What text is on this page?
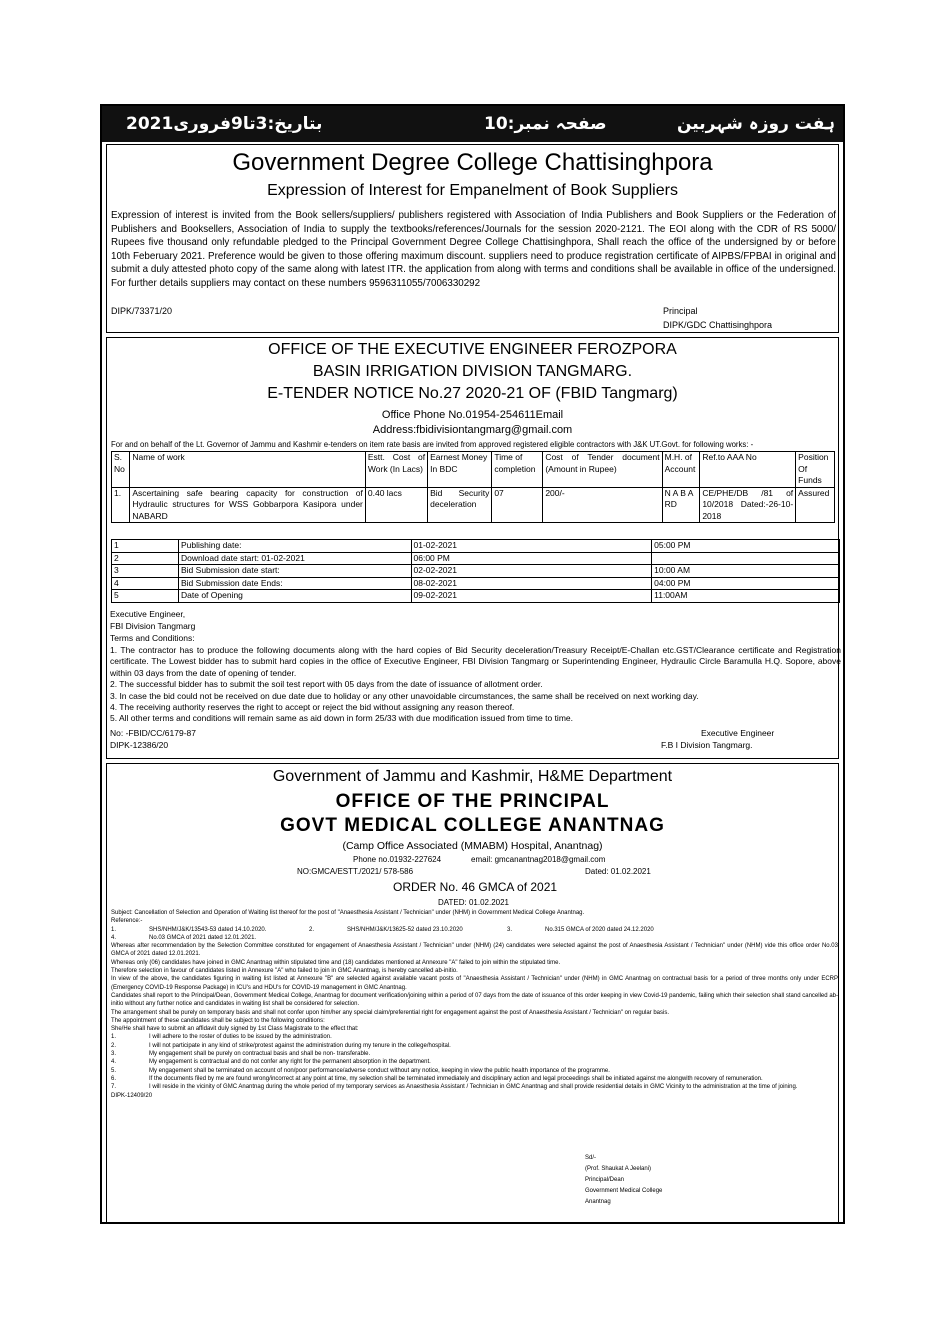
بتاریخ:3تا9فروری2021	صفحہ نمبر:10	ہفت روزہ شہربین
Government Degree College Chattisinghpora
Expression of Interest for Empanelment of Book Suppliers

Expression of interest is invited from the Book sellers/suppliers/ publishers registered with Association of India Publishers and Book Suppliers or the Federation of Publishers and Booksellers, Association of India to supply the textbooks/references/Journals for the session 2020-2121. The EOI along with the CDR of RS 5000/ Rupees five thousand only refundable pledged to the Principal Government Degree College Chattisinghpora, Shall reach the office of the undersigned by or before 10th Feberuary 2021. Preference would be given to those offering maximum discount. suppliers need to produce registration certificate of AIPBS/FPBAI in original and submit a duly attested photo copy of the same along with latest ITR. the application from along with terms and conditions shall be available in office of the undersigned. For further details suppliers may contact on these numbers 9596311055/7006330292

DIPK/73371/20	Principal
DIPK/GDC Chattisinghpora
OFFICE OF THE EXECUTIVE ENGINEER FEROZPORA
BASIN IRRIGATION DIVISION TANGMARG.
E-TENDER NOTICE No.27 2020-21 OF (FBID Tangmarg)
Office Phone No.01954-254611Email
Address:fbidivisiontangmarg@gmail.com
For and on behalf of the Lt. Governor of Jammu and Kashmir e-tenders on item rate basis are invited from approved registered eligible contractors with J&K UT.Govt. for following works: -
S. No	Name of work	Estt. Cost of Work (In Lacs)	Earnest Money In BDC	Time of completion	Cost of Tender document (Amount in Rupee)	M.H. of Account	Ref.to AAA No	Position Of Funds
1.	Ascertaining safe bearing capacity for construction of Hydraulic structures for WSS Gobbarpora Kasipora under NABARD	0.40 lacs	Bid Security deceleration	07	200/-	N A B A RD	CE/PHE/DB /81 of 10/2018 Dated:-26-10-2018	Assured
1	Publishing date:	01-02-2021	05:00 PM
2	Download date start: 01-02-2021	06:00 PM	
3	Bid Submission date start:	02-02-2021	10:00 AM
4	Bid Submission date Ends:	08-02-2021	04:00 PM
5	Date of Opening	09-02-2021	11:00AM
Executive Engineer,
FBI Division Tangmarg
Terms and Conditions:
1. The contractor has to produce the following documents along with the hard copies of Bid Security deceleration/Treasury Receipt/E-Challan etc.GST/Clearance certificate and Registration certificate. The Lowest bidder has to submit hard copies in the office of Executive Engineer, FBI Division Tangmarg or Superintending Engineer, Hydraulic Circle Baramulla H.Q. Sopore, above within 03 days from the date of opening of tender.
2. The successful bidder has to submit the soil test report with 05 days from the date of issuance of allotment order.
3. In case the bid could not be received on due date due to holiday or any other unavoidable circumstances, the same shall be received on next working day.
4. The receiving authority reserves the right to accept or reject the bid without assigning any reason thereof.
5. All other terms and conditions will remain same as aid down in form 25/33 with due modification issued from time to time.
No: -FBID/CC/6179-87
DIPK-12386/20
Executive Engineer
F.B I Division Tangmarg.
Government of Jammu and Kashmir, H&ME Department
OFFICE OF THE PRINCIPAL
GOVT MEDICAL COLLEGE ANANTNAG
(Camp Office Associated (MMABM) Hospital, Anantnag)
Phone no.01932-227624	email: gmcanantnag2018@gmail.com
NO:GMCA/ESTT./2021/ 578-586	Dated: 01.02.2021
ORDER No. 46 GMCA of 2021
DATED: 01.02.2021
Subject: Cancellation of Selection and Operation of Waiting list thereof for the post of "Anaesthesia Assistant / Technician" under (NHM) in Government Medical College Anantnag.
Reference:-
1.	SHS/NHM/J&K/13543-53 dated 14.10.2020.	2.	SHS/NHM/J&K/13625-52 dated 23.10.2020	3.	No.315 GMCA of 2020 dated 24.12.2020
4.	No.03 GMCA of 2021 dated 12.01.2021.
Whereas after recommendation by the Selection Committee constituted for engagement of Anaesthesia Assistant / Technician" under (NHM) (24) candidates were selected against the post of Anaesthesia Assistant / Technician" under (NHM) vide this office order No.03 GMCA of 2021 dated 12.01.2021.
Whereas only (06) candidates have joined in GMC Anantnag within stipulated time and (18) candidates mentioned at Annexure "A" failed to join within the stipulated time.
Therefore selection in favour of candidates listed in Annexure "A" who failed to join in GMC Anantnag, is hereby cancelled ab-initio.
In view of the above, the candidates figuring in waiting list listed at Annexure "B" are selected against available vacant posts of "Anaesthesia Assistant / Technician" under (NHM) in GMC Anantnag on contractual basis for a period of three months only under ECRP (Emergency COVID-19 Response Package) in ICU's and HDU's for COVID-19 management in GMC Anantnag.
Candidates shall report to the Principal/Dean, Government Medical College, Anantnag for document verification/joining within a period of 07 days from the date of issuance of this order keeping in view Covid-19 pandemic, failing which their selection shall stand cancelled ab-initio without any further notice and candidates in waiting list shall be considered for selection.
The arrangement shall be purely on temporary basis and shall not confer upon him/her any special claim/preferential right for engagement against the post of Anaesthesia Assistant / Technician" on regular basis.
The appointment of these candidates shall be subject to the following conditions:
She/He shall have to submit an affidavit duly signed by 1st Class Magistrate to the effect that:
1.	I will adhere to the roster of duties to be issued by the administration.
2.	I will not participate in any kind of strike/protest against the administration during my tenure in the college/hospital.
3.	My engagement shall be purely on contractual basis and shall be non- transferable.
4.	My engagement is contractual and do not confer any right for the permanent absorption in the department.
5.	My engagement shall be terminated on account of non/poor performance/adverse conduct without any notice, keeping in view the public health importance of the programme.
6.	If the documents filed by me are found wrong/incorrect at any point at time, my selection shall be terminated immediately and disciplinary action and legal proceedings shall be initiated against me alongwith recovery of remuneration.
7.	I will reside in the vicinity of GMC Anantnag during the whole period of my temporary services as Anaesthesia Assistant / Technician in GMC Anantnag and shall provide residential details in GMC Vicinity to the administration at the time of joining.
DIPK-12409/20
Sd/-
(Prof. Shaukat A Jeelani)
Principal/Dean
Government Medical College
Anantnag
